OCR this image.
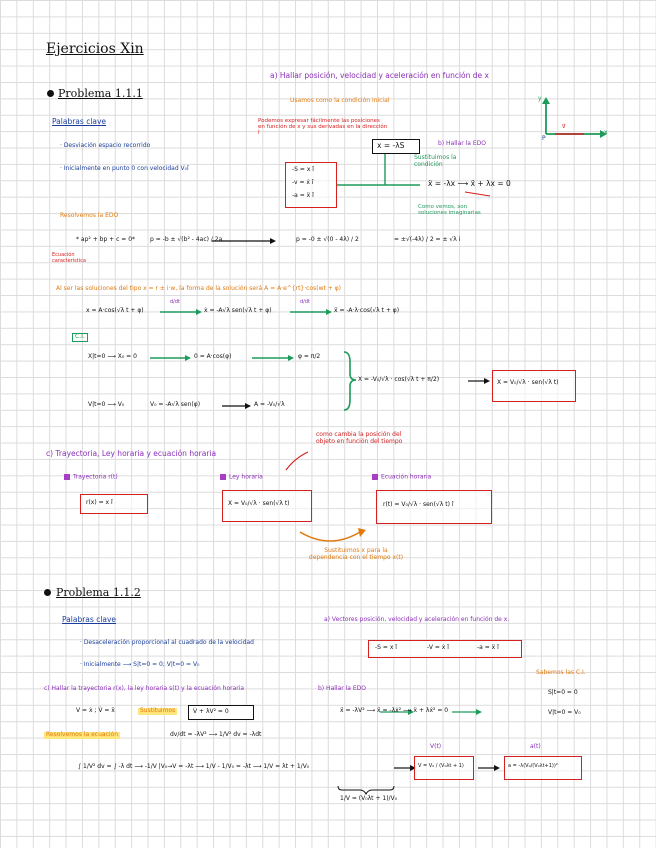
Ejercicios Xin
Problema 1.1.1
Palabras clave
· Desviación espacio recorrido
· Inicialmente en punto 0 con velocidad V₀î
a) Hallar posición, velocidad y aceleración en función de x
Usamos como la condición inicial
Podemos expresar fácilmente las posiciones en función de x y sus derivadas en la dirección î
-S = x î
-v = ẋ î
-a = ẍ î
x = -λS	b) Hallar la EDO
Sustituimos la condición
ẍ = -λx ⟶ ẍ + λx = 0
Como vemos, son soluciones imaginarias
y
x
v⃗
P
Resolvemos la EDO
* ap² + bp + c = 0*
Ecuación característica
p = -b ± √(b² - 4ac) / 2a	p = -0 ± √(0 - 4λ) / 2	= ±√(-4λ) / 2 = ± √λ i
Al ser las soluciones del tipo x = r ± i·w, la forma de la solución será A = A·e^{rt}·cos(wt + φ)
x = A·cos(√λ t + φ)
d/dt
ẋ = -A√λ sen(√λ t + φ)
d/dt
ẍ = -A·λ·cos(√λ t + φ)
C.I.
X|t=0 ⟶ X₀ = 0	0 = A·cos(φ)	φ = π/2
V|t=0 ⟶ V₀	V₀ = -A√λ sen(φ)	A = -V₀/√λ
X = -V₀/√λ · cos(√λ t + π/2)	X = V₀/√λ · sen(√λ t)
c) Trayectoria, Ley horaria y ecuación horaria
como cambia la posición del objeto en función del tiempo
Trayectoria r(t)
r(x) = x î
Ley horaria
X = V₀/√λ · sen(√λ t)
Ecuación horaria
r(t) = V₀/√λ · sen(√λ t) î
Sustituimos x para la dependencia con el tiempo x(t)
Problema 1.1.2
Palabras clave
· Desaceleración proporcional al cuadrado de la velocidad
· Inicialmente ⟶ S|t=0 = 0; V|t=0 = V₀
a) Vectores posición, velocidad y aceleración en función de x.
-S = x î	-V = ẋ î	-a = ẍ î
Sabemos las C.I.
S|t=0 = 0
V|t=0 = V₀
c) Hallar la trayectoria r(x), la ley horaria s(t) y la ecuación horaria	b) Hallar la EDO
V = ẋ ; V̇ = ẍ	Sustituimos	V̇ + λV² = 0	ẍ = -λV² ⟶ ẍ = -λẋ² ⟶ ẍ + λẋ² = 0
Resolvemos la ecuación	dv/dt = -λV² ⟶ 1/V² dv = -λdt
∫ 1/V² dv = ∫ -λ dt ⟶ -1/V |V₀→V = -λt ⟶ 1/V - 1/V₀ = -λt ⟶ 1/V = λt + 1/V₀
1/V = (V₀λt + 1)/V₀
V(t)
V = V₀ / (V₀λt + 1)
a(t)
a = -λ(V₀/(V₀λt+1))²
